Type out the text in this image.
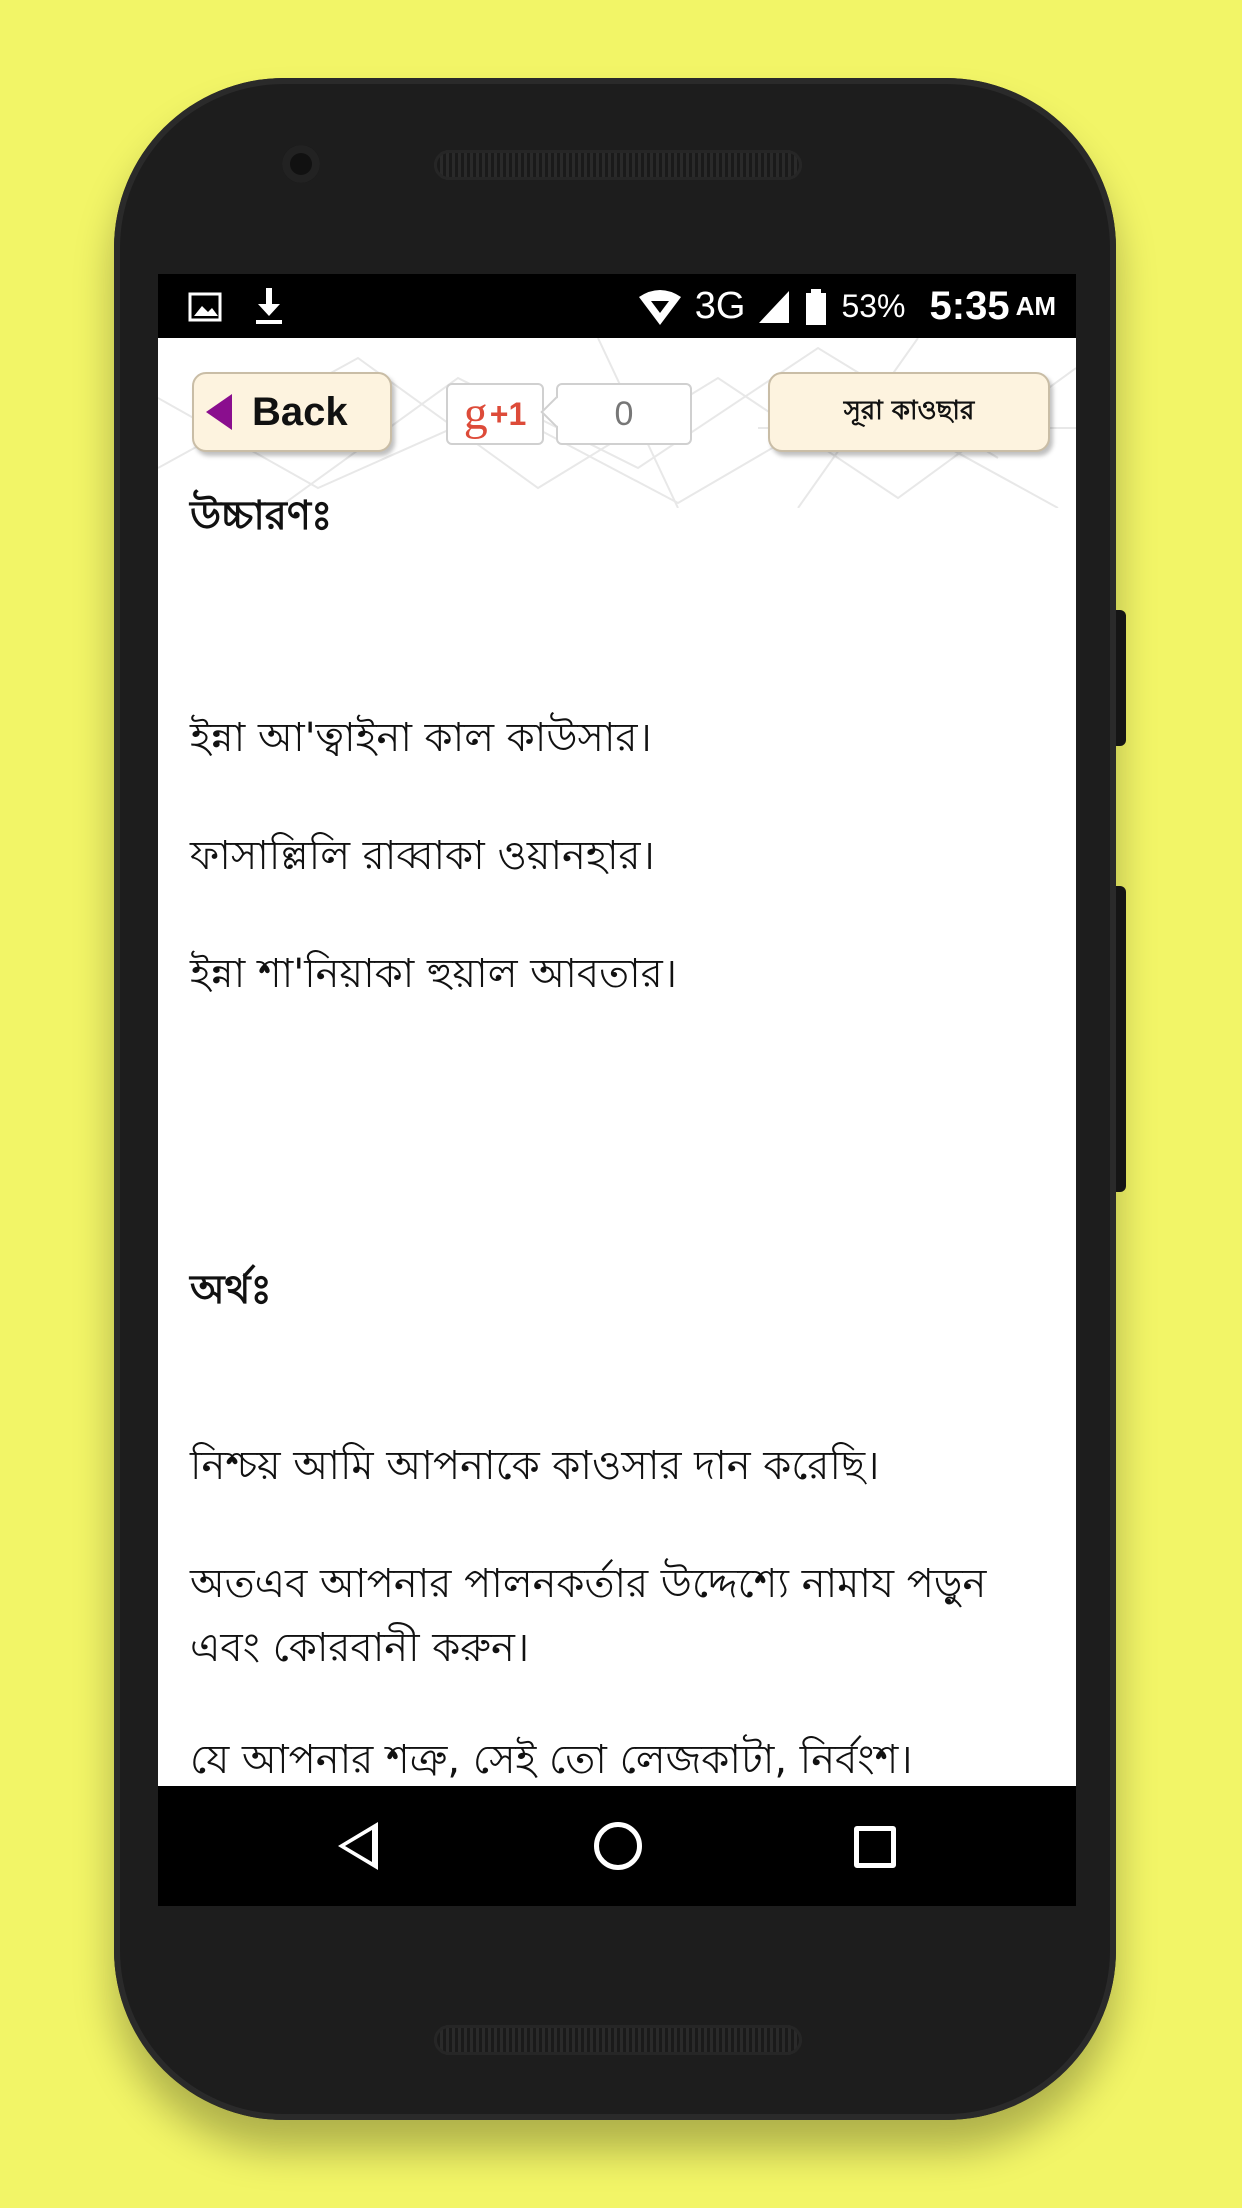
3G	53% 5:35 AM
Back g +1	0	সূরা কাওছার
উচ্চারণঃ
ইন্না আ'ত্বাইনা কাল কাউসার।
ফাসাল্লিলি রাব্বাকা ওয়ানহার।
ইন্না শা'নিয়াকা হুয়াল আবতার।
অর্থঃ
নিশ্চয় আমি আপনাকে কাওসার দান করেছি।
অতএব আপনার পালনকর্তার উদ্দেশ্যে নামায পড়ুন এবং কোরবানী করুন।
যে আপনার শত্রু, সেই তো লেজকাটা, নির্বংশ।
